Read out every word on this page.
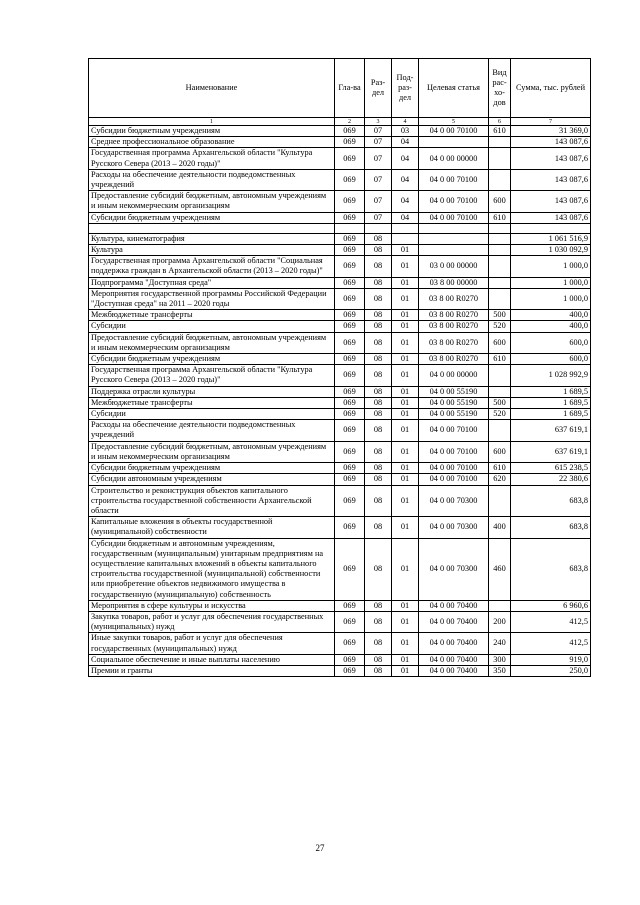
Наименование	Гла-ва	Раз-дел	Под-раз-дел	Целевая статья	Вид рас-хо-дов	Сумма, тыс. рублей
1	2	3	4	5	6	7
Субсидии бюджетным учреждениям	069	07	03	04 0 00 70100	610	31 369,0
Среднее профессиональное образование	069	07	04			143 087,6
Государственная программа Архангельской области "Культура Русского Севера (2013 – 2020 годы)"	069	07	04	04 0 00 00000		143 087,6
Расходы на обеспечение деятельности подведомственных учреждений	069	07	04	04 0 00 70100		143 087,6
Предоставление субсидий бюджетным, автономным учреждениям и иным некоммерческим организациям	069	07	04	04 0 00 70100	600	143 087,6
Субсидии бюджетным учреждениям	069	07	04	04 0 00 70100	610	143 087,6

Культура, кинематография	069	08				1 061 516,9
Культура	069	08	01			1 030 092,9
Государственная программа Архангельской области "Социальная поддержка граждан в Архангельской области (2013 – 2020 годы)"	069	08	01	03 0 00 00000		1 000,0
Подпрограмма "Доступная среда"	069	08	01	03 8 00 00000		1 000,0
Мероприятия государственной программы Российской Федерации "Доступная среда" на 2011 – 2020 годы	069	08	01	03 8 00 R0270		1 000,0
Межбюджетные трансферты	069	08	01	03 8 00 R0270	500	400,0
Субсидии	069	08	01	03 8 00 R0270	520	400,0
Предоставление субсидий бюджетным, автономным учреждениям и иным некоммерческим организациям	069	08	01	03 8 00 R0270	600	600,0
Субсидии бюджетным учреждениям	069	08	01	03 8 00 R0270	610	600,0
Государственная программа Архангельской области "Культура Русского Севера (2013 – 2020 годы)"	069	08	01	04 0 00 00000		1 028 992,9
Поддержка отрасли культуры	069	08	01	04 0 00 55190		1 689,5
Межбюджетные трансферты	069	08	01	04 0 00 55190	500	1 689,5
Субсидии	069	08	01	04 0 00 55190	520	1 689,5
Расходы на обеспечение деятельности подведомственных учреждений	069	08	01	04 0 00 70100		637 619,1
Предоставление субсидий бюджетным, автономным учреждениям и иным некоммерческим организациям	069	08	01	04 0 00 70100	600	637 619,1
Субсидии бюджетным учреждениям	069	08	01	04 0 00 70100	610	615 238,5
Субсидии автономным учреждениям	069	08	01	04 0 00 70100	620	22 380,6
Строительство и реконструкция объектов капитального строительства государственной собственности Архангельской области	069	08	01	04 0 00 70300		683,8
Капитальные вложения в объекты государственной (муниципальной) собственности	069	08	01	04 0 00 70300	400	683,8
Субсидии бюджетным и автономным учреждениям, государственным (муниципальным) унитарным предприятиям на осуществление капитальных вложений в объекты капитального строительства государственной (муниципальной) собственности или приобретение объектов недвижимого имущества в государственную (муниципальную) собственность	069	08	01	04 0 00 70300	460	683,8
Мероприятия в сфере культуры и искусства	069	08	01	04 0 00 70400		6 960,6
Закупка товаров, работ и услуг для обеспечения государственных (муниципальных) нужд	069	08	01	04 0 00 70400	200	412,5
Иные закупки товаров, работ и услуг для обеспечения государственных (муниципальных) нужд	069	08	01	04 0 00 70400	240	412,5
Социальное обеспечение и иные выплаты населению	069	08	01	04 0 00 70400	300	919,0
Премии и гранты	069	08	01	04 0 00 70400	350	250,0
27
